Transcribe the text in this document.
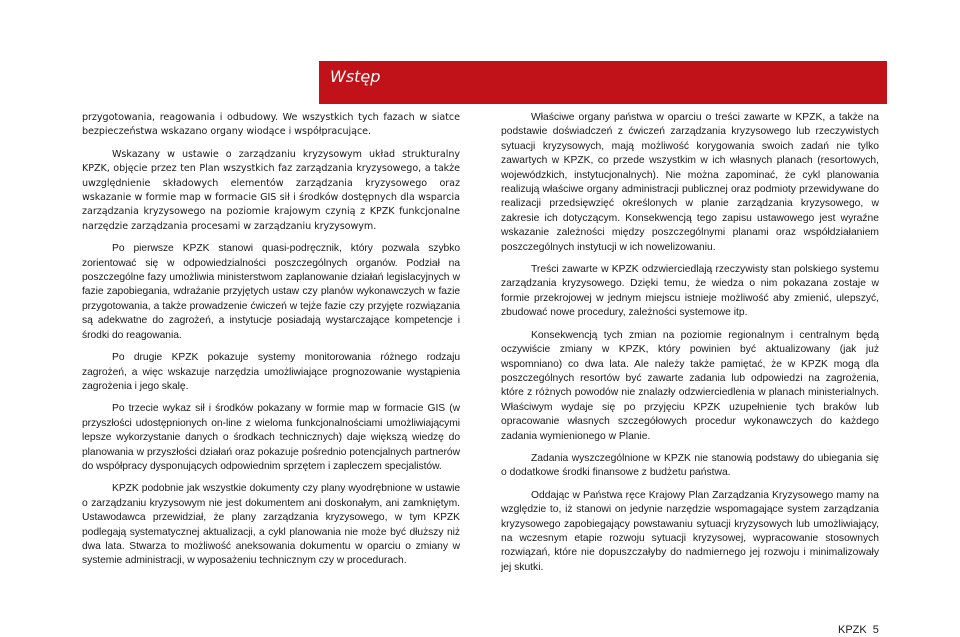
Wstęp

przygotowania, reagowania i odbudowy. We wszystkich tych fazach w siatce bezpieczeństwa wskazano organy wiodące i współpracujące.

Wskazany w ustawie o zarządzaniu kryzysowym układ strukturalny KPZK, objęcie przez ten Plan wszystkich faz zarządzania kryzysowego, a także uwzględnienie składowych elementów zarządzania kryzysowego oraz wskazanie w formie map w formacie GIS sił i środków dostępnych dla wsparcia zarządzania kryzysowego na poziomie krajowym czynią z KPZK funkcjonalne narzędzie zarządzania procesami w zarządzaniu kryzysowym.

Po pierwsze KPZK stanowi quasi-podręcznik, który pozwala szybko zorientować się w odpowiedzialności poszczególnych organów. Podział na poszczególne fazy umożliwia ministerstwom zaplanowanie działań legislacyjnych w fazie zapobiegania, wdrażanie przyjętych ustaw czy planów wykonawczych w fazie przygotowania, a także prowadzenie ćwiczeń w tejże fazie czy przyjęte rozwiązania są adekwatne do zagrożeń, a instytucje posiadają wystarczające kompetencje i środki do reagowania.

Po drugie KPZK pokazuje systemy monitorowania różnego rodzaju zagrożeń, a więc wskazuje narzędzia umożliwiające prognozowanie wystąpienia zagrożenia i jego skalę.

Po trzecie wykaz sił i środków pokazany w formie map w formacie GIS (w przyszłości udostępnionych on-line z wieloma funkcjonalnościami umożliwiającymi lepsze wykorzystanie danych o środkach technicznych) daje większą wiedzę do planowania w przyszłości działań oraz pokazuje pośrednio potencjalnych partnerów do współpracy dysponujących odpowiednim sprzętem i zapleczem specjalistów.

KPZK podobnie jak wszystkie dokumenty czy plany wyodrębnione w ustawie o zarządzaniu kryzysowym nie jest dokumentem ani doskonałym, ani zamkniętym. Ustawodawca przewidział, że plany zarządzania kryzysowego, w tym KPZK podlegają systematycznej aktualizacji, a cykl planowania nie może być dłuższy niż dwa lata. Stwarza to możliwość aneksowania dokumentu w oparciu o zmiany w systemie administracji, w wyposażeniu technicznym czy w procedurach.

Właściwe organy państwa w oparciu o treści zawarte w KPZK, a także na podstawie doświadczeń z ćwiczeń zarządzania kryzysowego lub rzeczywistych sytuacji kryzysowych, mają możliwość korygowania swoich zadań nie tylko zawartych w KPZK, co przede wszystkim w ich własnych planach (resortowych, wojewódzkich, instytucjonalnych). Nie można zapominać, że cykl planowania realizują właściwe organy administracji publicznej oraz podmioty przewidywane do realizacji przedsięwzięć określonych w planie zarządzania kryzysowego, w zakresie ich dotyczącym. Konsekwencją tego zapisu ustawowego jest wyraźne wskazanie zależności między poszczególnymi planami oraz współdziałaniem poszczególnych instytucji w ich nowelizowaniu.

Treści zawarte w KPZK odzwierciedlają rzeczywisty stan polskiego systemu zarządzania kryzysowego. Dzięki temu, że wiedza o nim pokazana zostaje w formie przekrojowej w jednym miejscu istnieje możliwość aby zmienić, ulepszyć, zbudować nowe procedury, zależności systemowe itp.

Konsekwencją tych zmian na poziomie regionalnym i centralnym będą oczywiście zmiany w KPZK, który powinien być aktualizowany (jak już wspomniano) co dwa lata. Ale należy także pamiętać, że w KPZK mogą dla poszczególnych resortów być zawarte zadania lub odpowiedzi na zagrożenia, które z różnych powodów nie znalazły odzwierciedlenia w planach ministerialnych. Właściwym wydaje się po przyjęciu KPZK uzupełnienie tych braków lub opracowanie własnych szczegółowych procedur wykonawczych do każdego zadania wymienionego w Planie.

Zadania wyszczególnione w KPZK nie stanowią podstawy do ubiegania się o dodatkowe środki finansowe z budżetu państwa.

Oddając w Państwa ręce Krajowy Plan Zarządzania Kryzysowego mamy na względzie to, iż stanowi on jedynie narzędzie wspomagające system zarządzania kryzysowego zapobiegający powstawaniu sytuacji kryzysowych lub umożliwiający, na wczesnym etapie rozwoju sytuacji kryzysowej, wypracowanie stosownych rozwiązań, które nie dopuszczałyby do nadmiernego jej rozwoju i minimalizowały jej skutki.

KPZK 5
